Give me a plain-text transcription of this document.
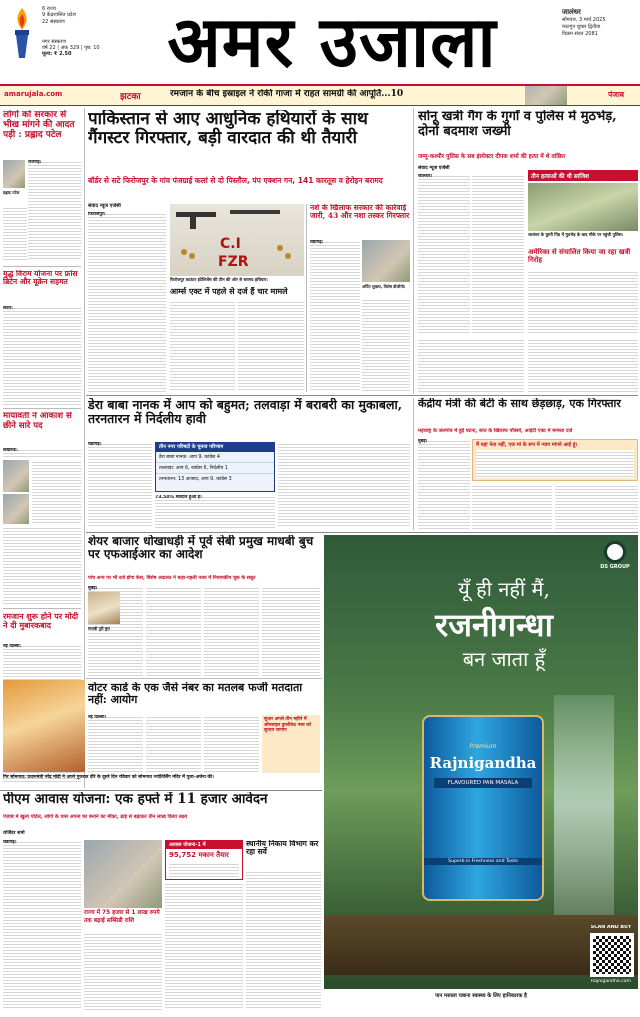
6 राज्य
9 केंद्रशासित प्रदेश
22 संस्करण
नगर संस्करण
वर्ष 22 | अंक 329 | पृष्ठ: 10
मूल्य: ₹ 2.50	अमर उजाला	जालंधर
सोमवार, 3 मार्च 2025
फाल्गुन शुक्ल द्वितीया
विक्रम संवत 2081
amarujala.com	झटका	रमजान के बीच इस्राइल ने रोकी गाजा में राहत सामग्री की आपूर्ति...10	पंजाब
लोगों को सरकार से भीख मांगने की आदत पड़ी : प्रह्लाद पटेल
राजगढ़:
प्रह्लाद पटेल
युद्ध विराम योजना पर फ्रांस ब्रिटेन और यूक्रेन सहमत
लंदन:
मायावती ने आकाश से छीने सारे पद
लखनऊ:
रमजान शुरू होने पर मोदी ने दी मुबारकबाद
नई दिल्ली:
पाकिस्तान से आए आधुनिक हथियारों के साथ गैंगस्टर गिरफ्तार, बड़ी वारदात की थी तैयारी
बॉर्डर से सटे फिरोजपुर के गांव पंजग्राई कलां से दो पिस्तौल, पंप एक्शन गन, 141 कारतूस व हेरोइन बरामद
संवाद न्यूज एजेंसी
फिरोजपुर।
C.I
FZR
फिरोजपुर काउंटर इंटेलिजेंस की टीम की ओर से बरामद हथियार।
आर्म्स एक्ट में पहले से दर्ज हैं चार मामले
नशे के खिलाफ सरकार की कार्रवाई जारी, 43 और नशा तस्कर गिरफ्तार
चंडीगढ़:
अर्पित शुक्ला, विशेष डीजीपी।
सोनू खत्री गैंग के गुर्गों व पुलिस में मुठभेड़, दोनों बदमाश जख्मी
जम्मू-कश्मीर पुलिस के सब इंस्पेक्टर दीपक शर्मा की हत्या में थे वांछित
संवाद न्यूज एजेंसी
जालंधर।	तीन हत्याओं की थी साजिश
जालंधर के घुघ्गी पिंड में मुठभेड़ के बाद मौके पर पहुंची पुलिस।
अमेरिका से संचालित किया जा रहा खत्री गिरोह
डेरा बाबा नानक में आप को बहुमत; तलवाड़ा में बराबरी का मुकाबला, तरनतारन में निर्दलीय हावी
चंडीगढ़।	तीन नगर परिषदों के चुनाव परिणाम
डेरा बाबा नानक: आप 9, कांग्रेस 4
तलवाड़ा: आप 6, कांग्रेस 6, निर्दलीय 1
तरनतारन: 13 आजाद, आप 9, कांग्रेस 3
73.50% मतदान हुआ है।
केंद्रीय मंत्री की बेटी के साथ छेड़छाड़, एक गिरफ्तार
महाराष्ट्र के जलगांव में हुई घटना, सात के खिलाफ पॉक्सो, आईटी एक्ट में मामला दर्ज
मुंबई।
मैं यहां नेता नहीं, एक मां के रूप में न्याय मांगने आई हूं।
शेयर बाजार धोखाधड़ी में पूर्व सेबी प्रमुख माधबी बुच पर एफआईआर का आदेश
पांच अन्य पर भी दर्ज होगा केस, विशेष अदालत ने कहा-पहली नजर में नियामकीय चूक के सबूत
मुंबई।
माधबी पुरी बुच
गिर सोमनाथ: प्रधानमंत्री नरेंद्र मोदी ने अपने गुजरात दौरे के दूसरे दिन रविवार को सोमनाथ ज्योतिर्लिंग मंदिर में पूजा-अर्चना की।
वोटर कार्ड के एक जैसे नंबर का मतलब फर्जी मतदाता नहीं: आयोग
नई दिल्ली।	सुधार अगले तीन महीने में ऑनलाइन डुप्लीकेट नंबर को सुधारा जाएगा
DS GROUP
यूँ ही नहीं मैं,
रजनीगन्धा
बन जाता हूँ
Premium
Rajnigandha
FLAVOURED PAN MASALA
Superb in Freshness and Taste
SCAN AND BUY
Rajnigandha.com
पान मसाला चबाना स्वास्थ्य के लिए हानिकारक है
पीएम आवास योजना: एक हफ्ते में 11 हजार आवेदन
पंजाब में खुला पोर्टल, लोगों के पास अपना घर बनाने का मौका, ढाई से बढ़ाकर तीन लाख किया लक्ष्य
राजिंदर शर्मा
चंडीगढ़।
राज्य में 75 हजार से 1 लाख रुपये तक बढ़ाई सब्सिडी राशि
आवास योजना-1 में
95,752 मकान तैयार
स्थानीय निकाय विभाग कर रहा सर्वे
